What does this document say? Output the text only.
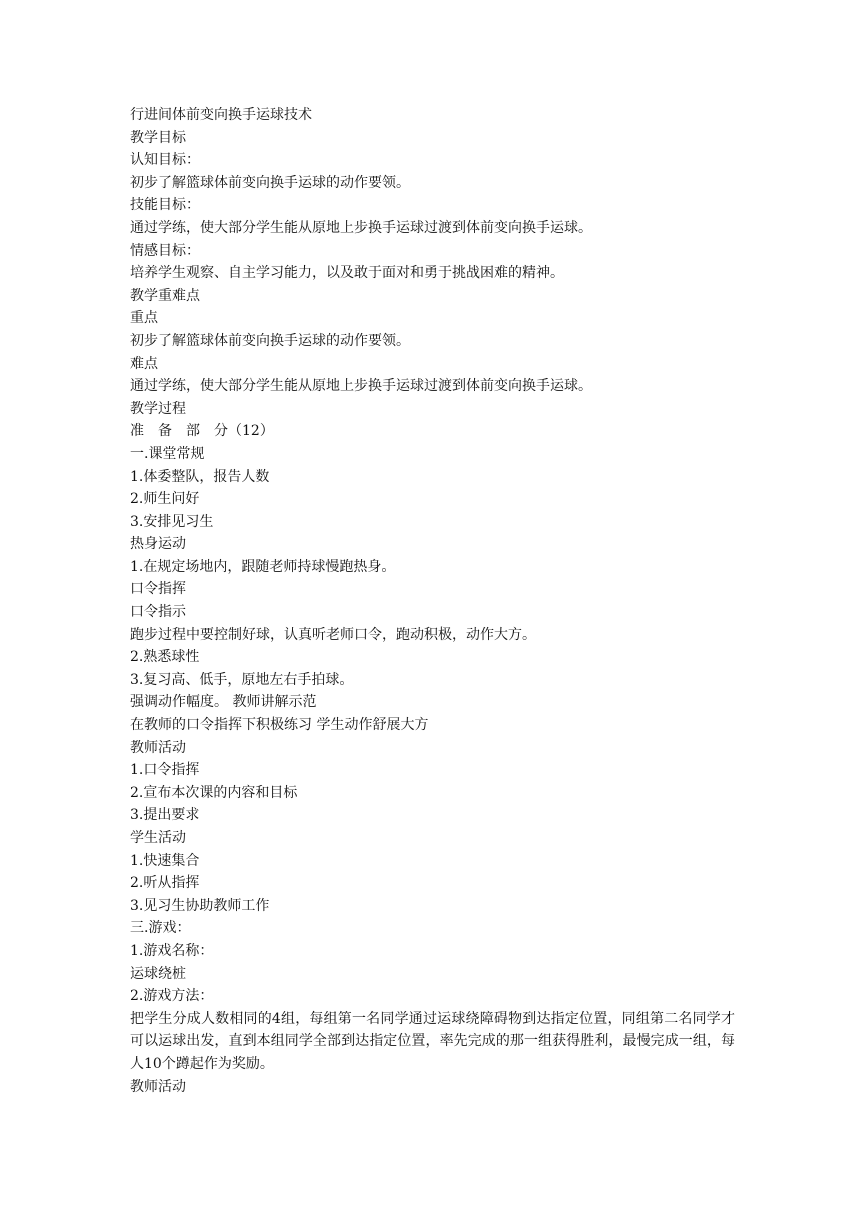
行进间体前变向换手运球技术
教学目标
认知目标：
初步了解篮球体前变向换手运球的动作要领。
技能目标：
通过学练，使大部分学生能从原地上步换手运球过渡到体前变向换手运球。
情感目标：
培养学生观察、自主学习能力，以及敢于面对和勇于挑战困难的精神。
教学重难点
重点
初步了解篮球体前变向换手运球的动作要领。
难点
通过学练，使大部分学生能从原地上步换手运球过渡到体前变向换手运球。
教学过程
准　备　部　分（12）
一.课堂常规
1.体委整队，报告人数
2.师生问好
3.安排见习生
热身运动
1.在规定场地内，跟随老师持球慢跑热身。
口令指挥
口令指示
跑步过程中要控制好球，认真听老师口令，跑动积极，动作大方。
2.熟悉球性
3.复习高、低手，原地左右手拍球。
强调动作幅度。 教师讲解示范
在教师的口令指挥下积极练习 学生动作舒展大方
教师活动
1.口令指挥
2.宣布本次课的内容和目标
3.提出要求
学生活动
1.快速集合
2.听从指挥
3.见习生协助教师工作
三.游戏：
1.游戏名称：
运球绕桩
2.游戏方法：
把学生分成人数相同的4组，每组第一名同学通过运球绕障碍物到达指定位置，同组第二名同学才可以运球出发，直到本组同学全部到达指定位置，率先完成的那一组获得胜利，最慢完成一组，每人10个蹲起作为奖励。
教师活动
